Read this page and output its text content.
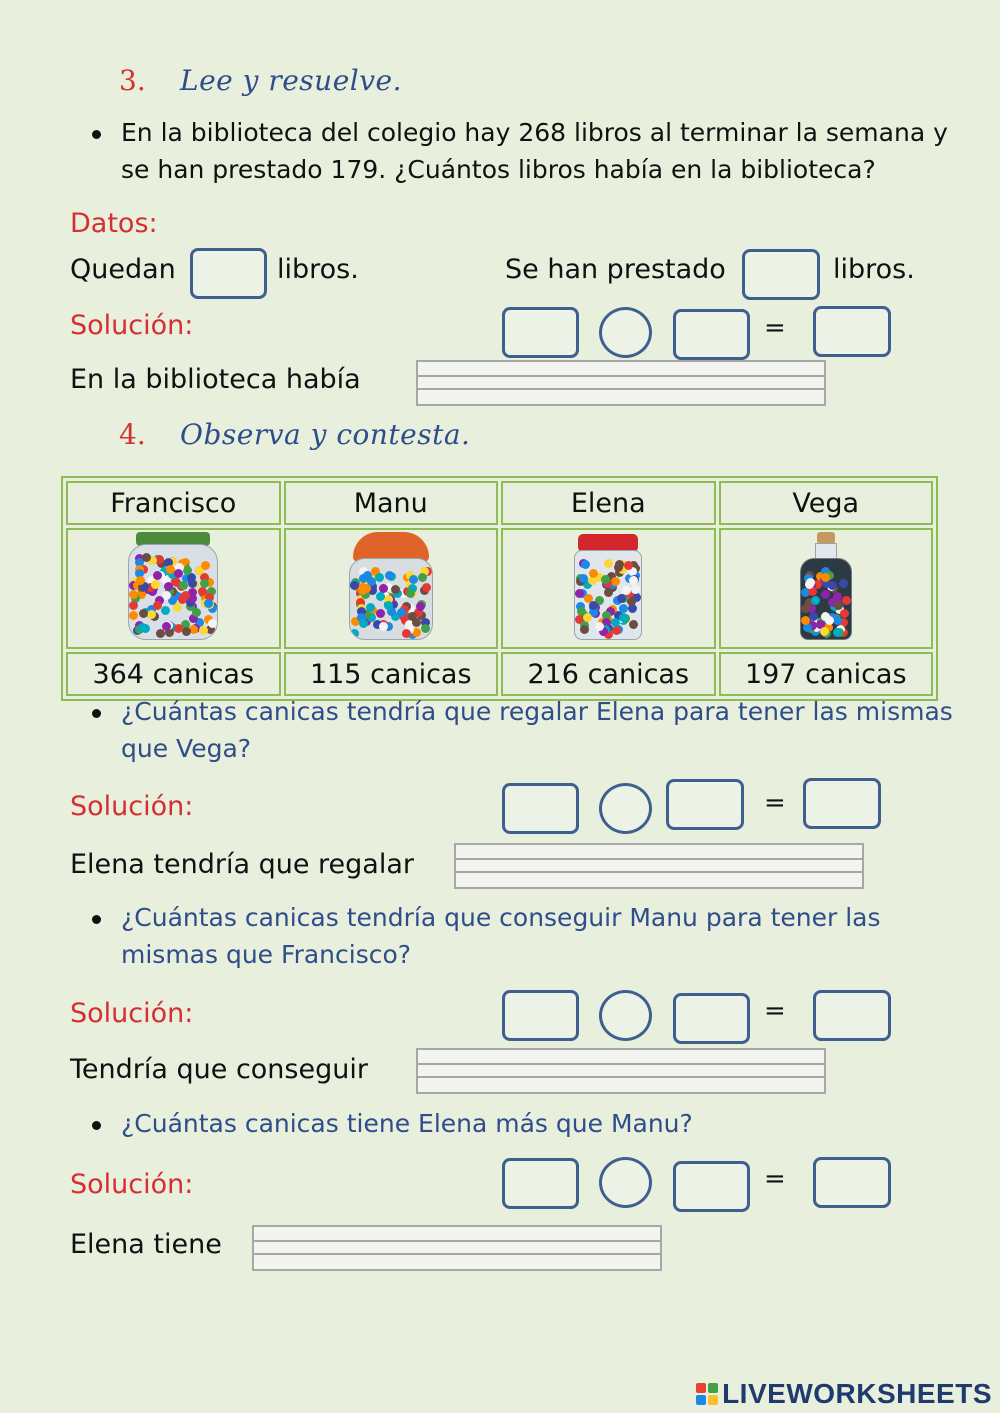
3. Lee y resuelve.
En la biblioteca del colegio hay 268 libros al terminar la semana y
se han prestado 179. ¿Cuántos libros había en la biblioteca?
Datos:
Quedan	libros.	Se han prestado	libros.
Solución:	=
En la biblioteca había
4. Observa y contesta.
Francisco	Manu	Elena	Vega

364 canicas	115 canicas	216 canicas	197 canicas
¿Cuántas canicas tendría que regalar Elena para tener las mismas
que Vega?
Solución:	=
Elena tendría que regalar
¿Cuántas canicas tendría que conseguir Manu para tener las
mismas que Francisco?
Solución:	=
Tendría que conseguir
¿Cuántas canicas tiene Elena más que Manu?
Solución:	=
Elena tiene
LIVEWORKSHEETS
